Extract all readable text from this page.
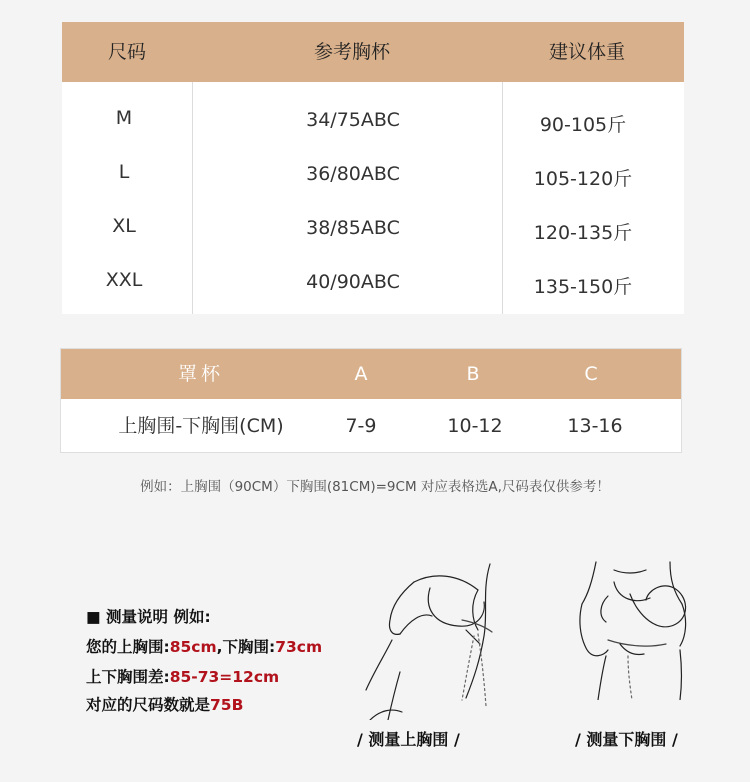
尺码	参考胸杯	建议体重
M	34/75ABC	90-105斤
L	36/80ABC	105-120斤
XL	38/85ABC	120-135斤
XXL	40/90ABC	135-150斤
罩杯	A	B	C
上胸围-下胸围(CM)	7-9	10-12	13-16
例如：上胸围（90CM）下胸围(81CM)=9CM 对应表格选A,尺码表仅供参考！
■ 测量说明 例如:
您的上胸围:85cm,下胸围:73cm
上下胸围差:85-73=12cm
对应的尺码数就是75B
/ 测量上胸围 /	/ 测量下胸围 /
